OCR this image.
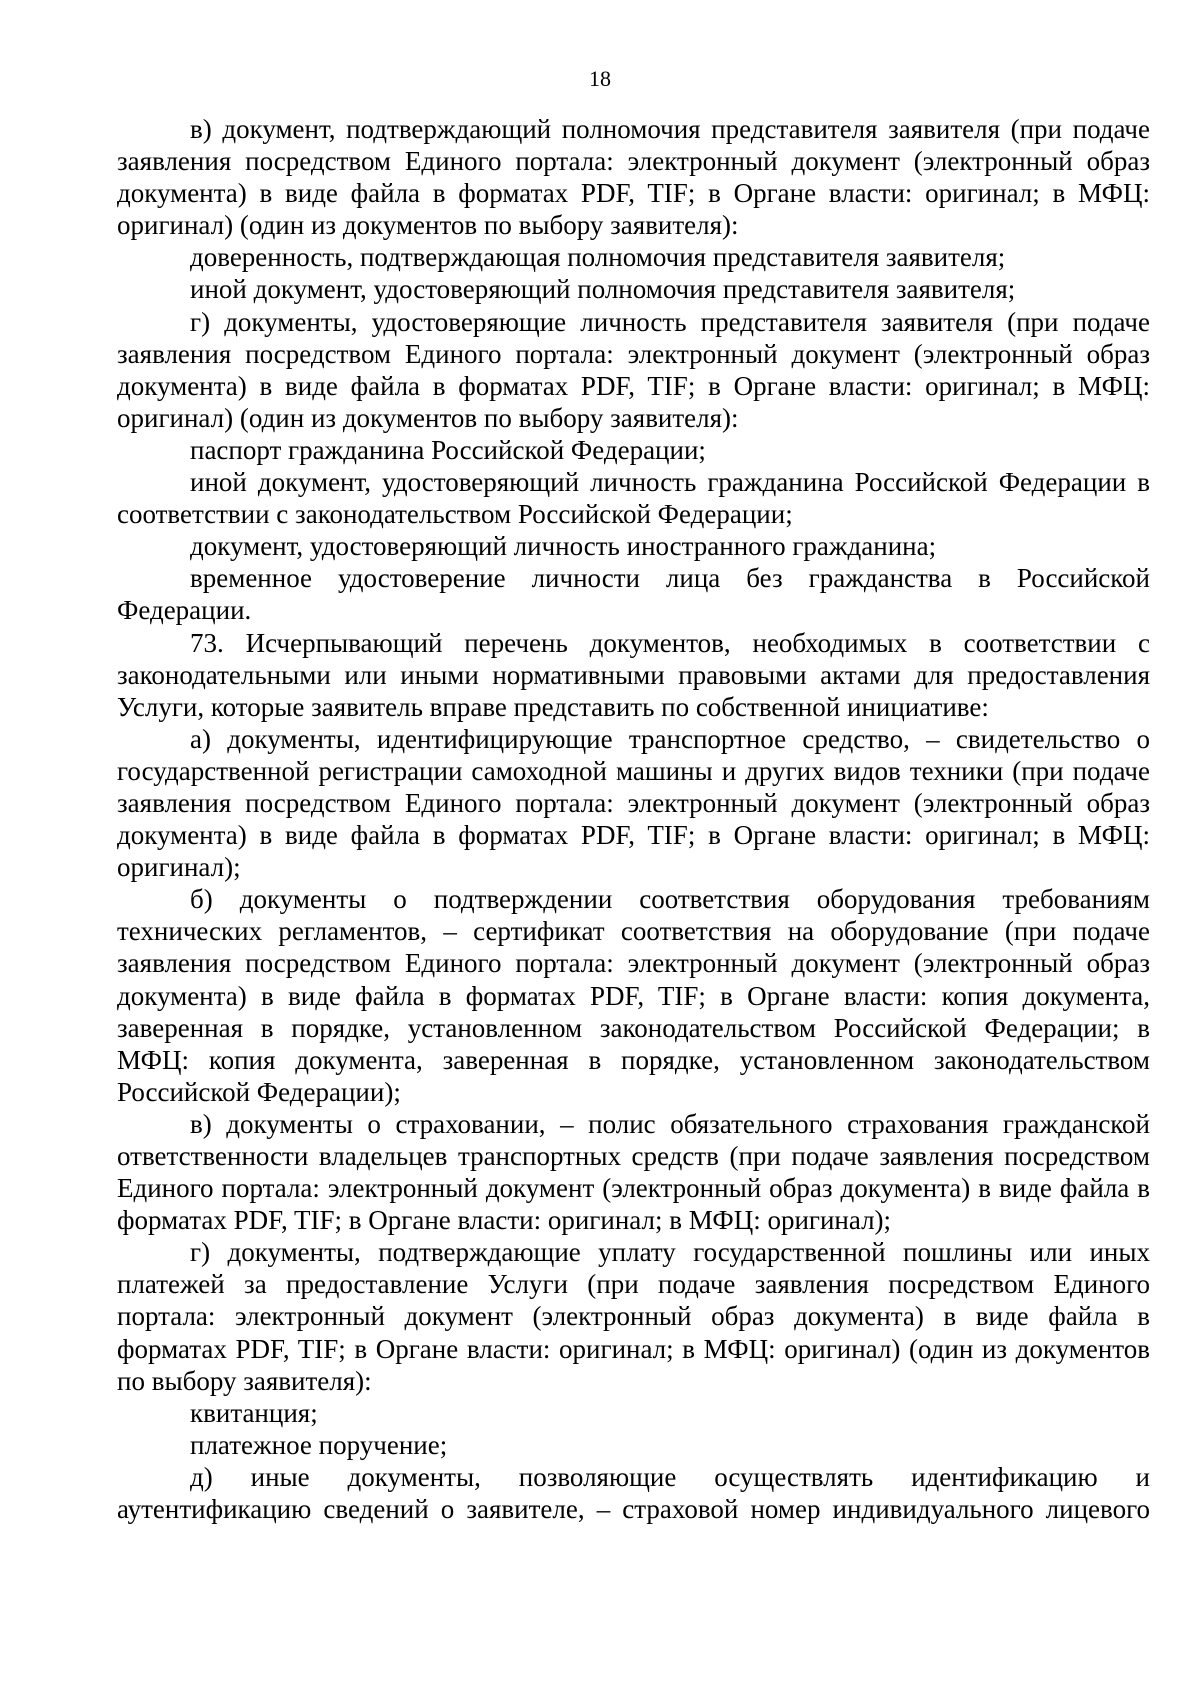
18

в) документ, подтверждающий полномочия представителя заявителя (при подаче заявления посредством Единого портала: электронный документ (электронный образ документа) в виде файла в форматах PDF, TIF; в Органе власти: оригинал; в МФЦ: оригинал) (один из документов по выбору заявителя):

доверенность, подтверждающая полномочия представителя заявителя;

иной документ, удостоверяющий полномочия представителя заявителя;

г) документы, удостоверяющие личность представителя заявителя (при подаче заявления посредством Единого портала: электронный документ (электронный образ документа) в виде файла в форматах PDF, TIF; в Органе власти: оригинал; в МФЦ: оригинал) (один из документов по выбору заявителя):

паспорт гражданина Российской Федерации;

иной документ, удостоверяющий личность гражданина Российской Федерации в соответствии с законодательством Российской Федерации;

документ, удостоверяющий личность иностранного гражданина;

временное удостоверение личности лица без гражданства в Российской Федерации.

73. Исчерпывающий перечень документов, необходимых в соответствии с законодательными или иными нормативными правовыми актами для предоставления Услуги, которые заявитель вправе представить по собственной инициативе:

а) документы, идентифицирующие транспортное средство, – свидетельство о государственной регистрации самоходной машины и других видов техники (при подаче заявления посредством Единого портала: электронный документ (электронный образ документа) в виде файла в форматах PDF, TIF; в Органе власти: оригинал; в МФЦ: оригинал);

б) документы о подтверждении соответствия оборудования требованиям технических регламентов, – сертификат соответствия на оборудование (при подаче заявления посредством Единого портала: электронный документ (электронный образ документа) в виде файла в форматах PDF, TIF; в Органе власти: копия документа, заверенная в порядке, установленном законодательством Российской Федерации; в МФЦ: копия документа, заверенная в порядке, установленном законодательством Российской Федерации);

в) документы о страховании, – полис обязательного страхования гражданской ответственности владельцев транспортных средств (при подаче заявления посредством Единого портала: электронный документ (электронный образ документа) в виде файла в форматах PDF, TIF; в Органе власти: оригинал; в МФЦ: оригинал);

г) документы, подтверждающие уплату государственной пошлины или иных платежей за предоставление Услуги (при подаче заявления посредством Единого портала: электронный документ (электронный образ документа) в виде файла в форматах PDF, TIF; в Органе власти: оригинал; в МФЦ: оригинал) (один из документов по выбору заявителя):

квитанция;

платежное поручение;

д) иные документы, позволяющие осуществлять идентификацию и аутентификацию сведений о заявителе, – страховой номер индивидуального лицевого
